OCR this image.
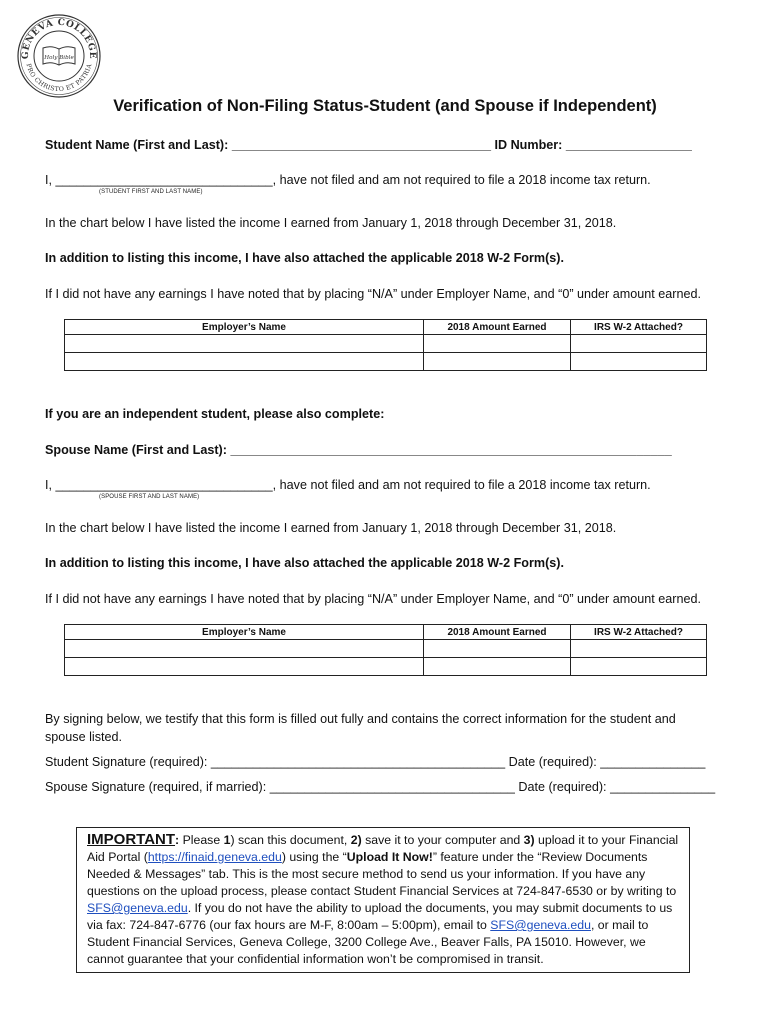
GENEVA COLLEGE
PRO CHRISTO ET PATRIA
Holy Bible
Verification of Non-Filing Status-Student (and Spouse if Independent)
Student Name (First and Last): _____________________________________ ID Number: __________________
I, _______________________________, have not filed and am not required to file a 2018 income tax return.
(STUDENT FIRST AND LAST NAME)
In the chart below I have listed the income I earned from January 1, 2018 through December 31, 2018.
In addition to listing this income, I have also attached the applicable 2018 W-2 Form(s).
If I did not have any earnings I have noted that by placing “N/A” under Employer Name, and “0” under amount earned.
Employer’s Name	2018 Amount Earned	IRS W-2 Attached?

If you are an independent student, please also complete:
Spouse Name (First and Last): _______________________________________________________________
I, _______________________________, have not filed and am not required to file a 2018 income tax return.
(SPOUSE FIRST AND LAST NAME)
In the chart below I have listed the income I earned from January 1, 2018 through December 31, 2018.
In addition to listing this income, I have also attached the applicable 2018 W-2 Form(s).
If I did not have any earnings I have noted that by placing “N/A” under Employer Name, and “0” under amount earned.
Employer’s Name	2018 Amount Earned	IRS W-2 Attached?

By signing below, we testify that this form is filled out fully and contains the correct information for the student and
spouse listed.
Student Signature (required): __________________________________________ Date (required): _______________
Spouse Signature (required, if married): ___________________________________ Date (required): _______________
IMPORTANT: Please 1) scan this document, 2) save it to your computer and 3) upload it to your Financial Aid Portal (https://finaid.geneva.edu) using the “Upload It Now!” feature under the “Review Documents Needed & Messages” tab. This is the most secure method to send us your information. If you have any questions on the upload process, please contact Student Financial Services at 724-847-6530 or by writing to SFS@geneva.edu. If you do not have the ability to upload the documents, you may submit documents to us via fax: 724-847-6776 (our fax hours are M-F, 8:00am – 5:00pm), email to SFS@geneva.edu, or mail to Student Financial Services, Geneva College, 3200 College Ave., Beaver Falls, PA 15010. However, we cannot guarantee that your confidential information won’t be compromised in transit.
